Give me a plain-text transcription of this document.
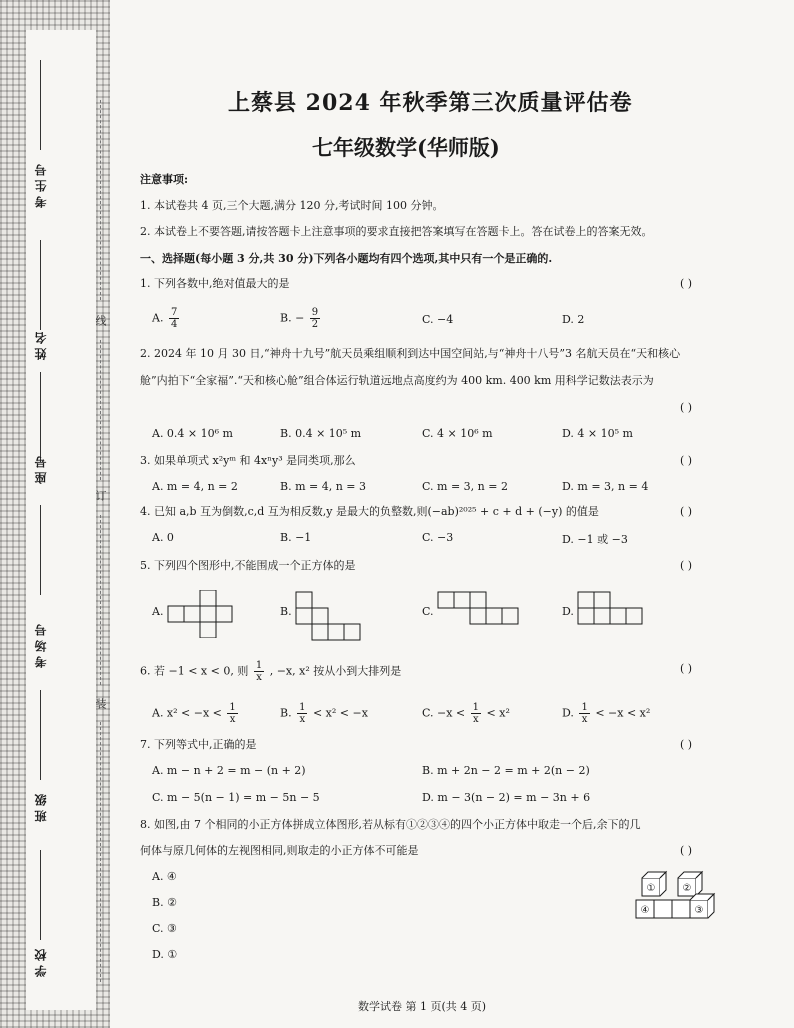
考生号
姓名
座号
考场号
班级
学校
线
订
装
上蔡县 2024 年秋季第三次质量评估卷
七年级数学(华师版)
注意事项:
1. 本试卷共 4 页,三个大题,满分 120 分,考试时间 100 分钟。
2. 本试卷上不要答题,请按答题卡上注意事项的要求直接把答案填写在答题卡上。答在试卷上的答案无效。
一、选择题(每小题 3 分,共 30 分)下列各小题均有四个选项,其中只有一个是正确的.
1. 下列各数中,绝对值最大的是	( )
A. $\frac{7}{4}$	B. − $\frac{9}{2}$	C. −4	D. 2
2. 2024 年 10 月 30 日,“神舟十九号”航天员乘组顺利到达中国空间站,与“神舟十八号”3 名航天员在“天和核心
舱”内拍下“全家福”.“天和核心舱”组合体运行轨道远地点高度约为 400 km. 400 km 用科学记数法表示为
( )
A. 0.4 × 10⁶ m	B. 0.4 × 10⁵ m	C. 4 × 10⁶ m	D. 4 × 10⁵ m
3. 如果单项式 x²yᵐ 和 4xⁿy³ 是同类项,那么	( )
A. m = 4, n = 2	B. m = 4, n = 3	C. m = 3, n = 2	D. m = 3, n = 4
4. 已知 a,b 互为倒数,c,d 互为相反数,y 是最大的负整数,则(−ab)²⁰²⁵ + c + d + (−y) 的值是	( )
A. 0	B. −1	C. −3	D. −1 或 −3
5. 下列四个图形中,不能围成一个正方体的是	( )
A.	B.	C.	D.
6. 若 −1 < x < 0, 则 $\frac{1}{x}$ , −x, x² 按从小到大排列是	( )
A. $x^2 < -x < \frac{1}{x}$	B. $\frac{1}{x} < x^2 < -x$	C. $-x < \frac{1}{x} < x^2$	D. $\frac{1}{x} < -x < x^2$
7. 下列等式中,正确的是	( )
A. m − n + 2 = m − (n + 2)	B. m + 2n − 2 = m + 2(n − 2)
C. m − 5(n − 1) = m − 5n − 5	D. m − 3(n − 2) = m − 3n + 6
8. 如图,由 7 个相同的小正方体拼成立体图形,若从标有①②③④的四个小正方体中取走一个后,余下的几
何体与原几何体的左视图相同,则取走的小正方体不可能是	( )
A. ④
B. ②
C. ③
D. ①
①	②
④	③
数学试卷 第 1 页(共 4 页)
